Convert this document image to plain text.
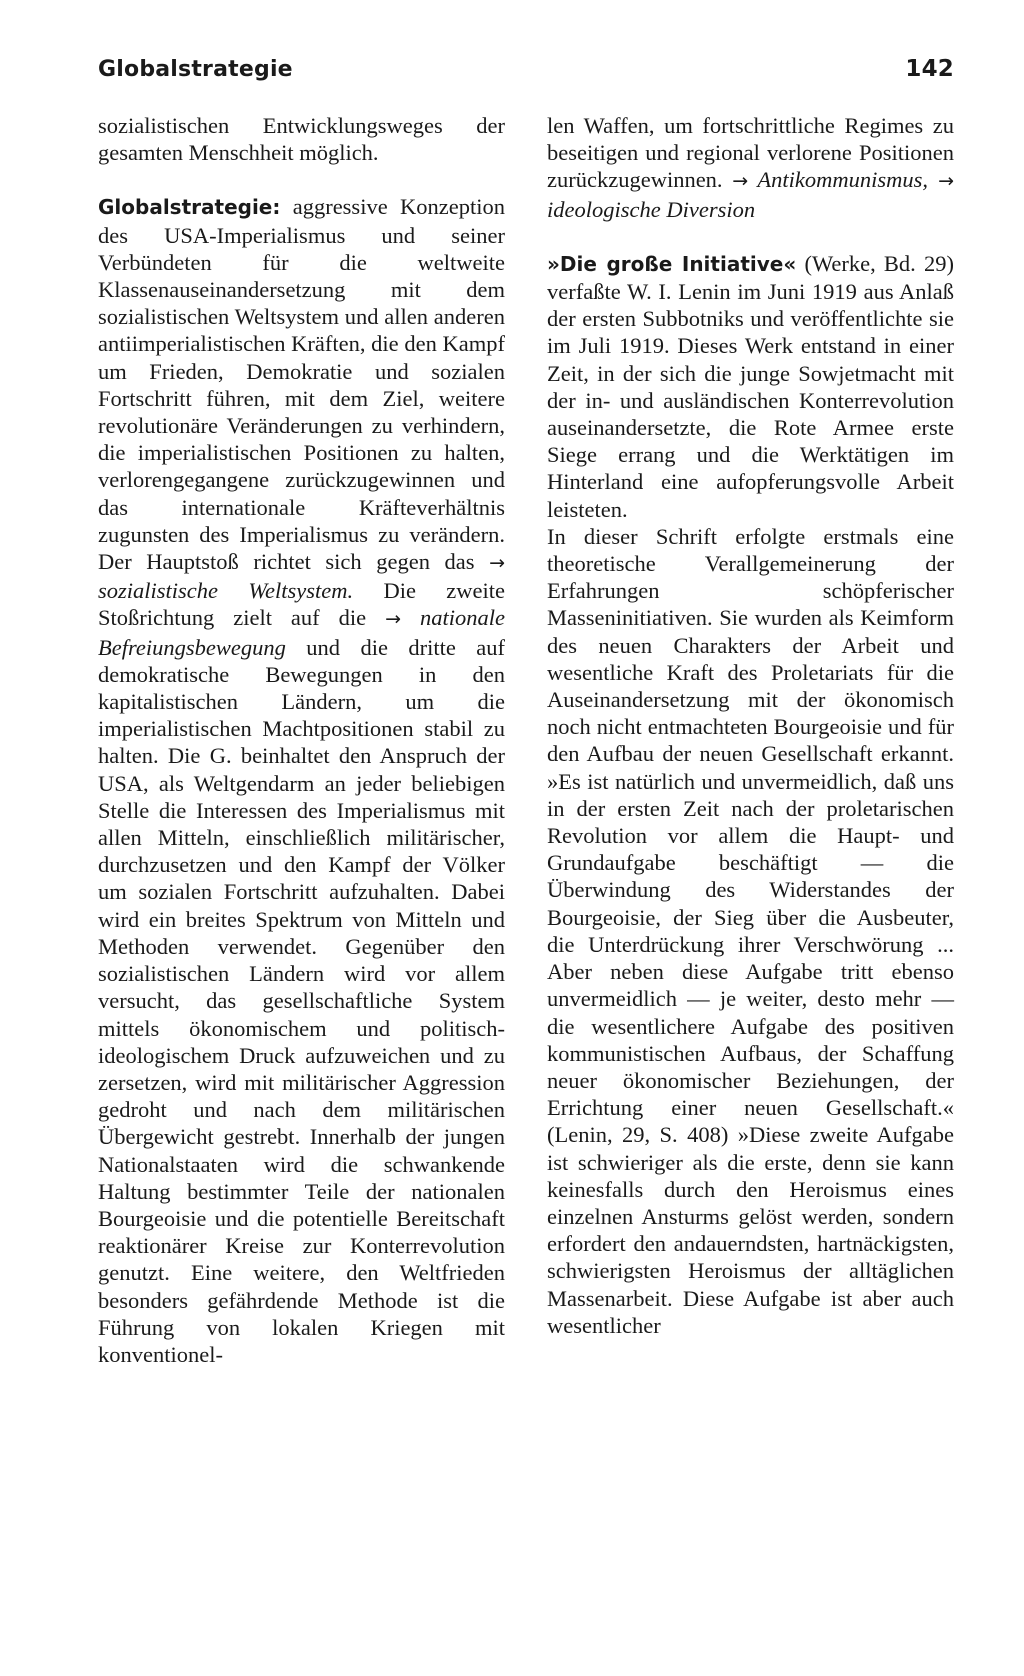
Globalstrategie	142

sozialistischen Entwicklungsweges der gesamten Menschheit möglich.

Globalstrategie: aggressive Konzeption des USA-Imperialismus und seiner Verbündeten für die weltweite Klassenauseinandersetzung mit dem sozialistischen Weltsystem und allen anderen antiimperialistischen Kräften, die den Kampf um Frieden, Demokratie und sozialen Fortschritt führen, mit dem Ziel, weitere revolutionäre Veränderungen zu verhindern, die imperialistischen Positionen zu halten, verlorengegangene zurückzugewinnen und das internationale Kräfteverhältnis zugunsten des Imperialismus zu verändern. Der Hauptstoß richtet sich gegen das → sozialistische Weltsystem. Die zweite Stoßrichtung zielt auf die → nationale Befreiungsbewegung und die dritte auf demokratische Bewegungen in den kapitalistischen Ländern, um die imperialistischen Machtpositionen stabil zu halten. Die G. beinhaltet den Anspruch der USA, als Weltgendarm an jeder beliebigen Stelle die Interessen des Imperialismus mit allen Mitteln, einschließlich militärischer, durchzusetzen und den Kampf der Völker um sozialen Fortschritt aufzuhalten. Dabei wird ein breites Spektrum von Mitteln und Methoden verwendet. Gegenüber den sozialistischen Ländern wird vor allem versucht, das gesellschaftliche System mittels ökonomischem und politisch-ideologischem Druck aufzuweichen und zu zersetzen, wird mit militärischer Aggression gedroht und nach dem militärischen Übergewicht gestrebt. Innerhalb der jungen Nationalstaaten wird die schwankende Haltung bestimmter Teile der nationalen Bourgeoisie und die potentielle Bereitschaft reaktionärer Kreise zur Konterrevolution genutzt. Eine weitere, den Weltfrieden besonders gefährdende Methode ist die Führung von lokalen Kriegen mit konventionel-

len Waffen, um fortschrittliche Regimes zu beseitigen und regional verlorene Positionen zurückzugewinnen. → Antikommunismus, → ideologische Diversion

»Die große Initiative« (Werke, Bd. 29) verfaßte W. I. Lenin im Juni 1919 aus Anlaß der ersten Subbotniks und veröffentlichte sie im Juli 1919. Dieses Werk entstand in einer Zeit, in der sich die junge Sowjetmacht mit der in- und ausländischen Konterrevolution auseinandersetzte, die Rote Armee erste Siege errang und die Werktätigen im Hinterland eine aufopferungsvolle Arbeit leisteten.

In dieser Schrift erfolgte erstmals eine theoretische Verallgemeinerung der Erfahrungen schöpferischer Masseninitiativen. Sie wurden als Keimform des neuen Charakters der Arbeit und wesentliche Kraft des Proletariats für die Auseinandersetzung mit der ökonomisch noch nicht entmachteten Bourgeoisie und für den Aufbau der neuen Gesellschaft erkannt. »Es ist natürlich und unvermeidlich, daß uns in der ersten Zeit nach der proletarischen Revolution vor allem die Haupt- und Grundaufgabe beschäftigt — die Überwindung des Widerstandes der Bourgeoisie, der Sieg über die Ausbeuter, die Unterdrückung ihrer Verschwörung ... Aber neben diese Aufgabe tritt ebenso unvermeidlich — je weiter, desto mehr — die wesentlichere Aufgabe des positiven kommunistischen Aufbaus, der Schaffung neuer ökonomischer Beziehungen, der Errichtung einer neuen Gesellschaft.« (Lenin, 29, S. 408) »Diese zweite Aufgabe ist schwieriger als die erste, denn sie kann keinesfalls durch den Heroismus eines einzelnen Ansturms gelöst werden, sondern erfordert den andauerndsten, hartnäckigsten, schwierigsten Heroismus der alltäglichen Massenarbeit. Diese Aufgabe ist aber auch wesentlicher
